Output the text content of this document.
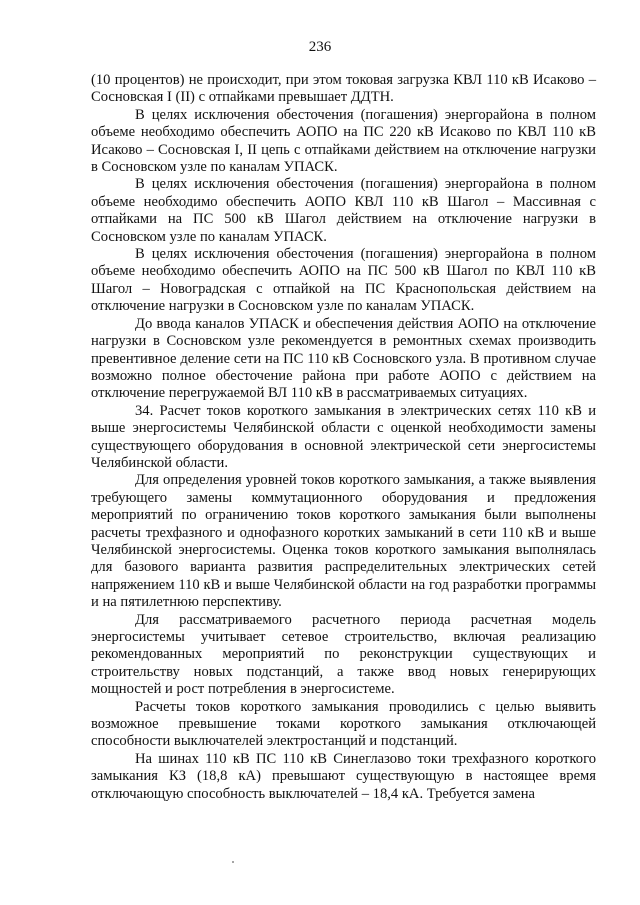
236

(10 процентов) не происходит, при этом токовая загрузка КВЛ 110 кВ Исаково – Сосновская I (II) с отпайками превышает ДДТН.

В целях исключения обесточения (погашения) энергорайона в полном объеме необходимо обеспечить АОПО на ПС 220 кВ Исаково по КВЛ 110 кВ Исаково – Сосновская I, II цепь с отпайками действием на отключение нагрузки в Сосновском узле по каналам УПАСК.

В целях исключения обесточения (погашения) энергорайона в полном объеме необходимо обеспечить АОПО КВЛ 110 кВ Шагол – Массивная с отпайками на ПС 500 кВ Шагол действием на отключение нагрузки в Сосновском узле по каналам УПАСК.

В целях исключения обесточения (погашения) энергорайона в полном объеме необходимо обеспечить АОПО на ПС 500 кВ Шагол по КВЛ 110 кВ Шагол – Новоградская с отпайкой на ПС Краснопольская действием на отключение нагрузки в Сосновском узле по каналам УПАСК.

До ввода каналов УПАСК и обеспечения действия АОПО на отключение нагрузки в Сосновском узле рекомендуется в ремонтных схемах производить превентивное деление сети на ПС 110 кВ Сосновского узла. В противном случае возможно полное обесточение района при работе АОПО с действием на отключение перегружаемой ВЛ 110 кВ в рассматриваемых ситуациях.

34. Расчет токов короткого замыкания в электрических сетях 110 кВ и выше энергосистемы Челябинской области с оценкой необходимости замены существующего оборудования в основной электрической сети энергосистемы Челябинской области.

Для определения уровней токов короткого замыкания, а также выявления требующего замены коммутационного оборудования и предложения мероприятий по ограничению токов короткого замыкания были выполнены расчеты трехфазного и однофазного коротких замыканий в сети 110 кВ и выше Челябинской энергосистемы. Оценка токов короткого замыкания выполнялась для базового варианта развития распределительных электрических сетей напряжением 110 кВ и выше Челябинской области на год разработки программы и на пятилетнюю перспективу.

Для рассматриваемого расчетного периода расчетная модель энергосистемы учитывает сетевое строительство, включая реализацию рекомендованных мероприятий по реконструкции существующих и строительству новых подстанций, а также ввод новых генерирующих мощностей и рост потребления в энергосистеме.

Расчеты токов короткого замыкания проводились с целью выявить возможное превышение токами короткого замыкания отключающей способности выключателей электростанций и подстанций.

На шинах 110 кВ ПС 110 кВ Синеглазово токи трехфазного короткого замыкания КЗ (18,8 кА) превышают существующую в настоящее время отключающую способность выключателей – 18,4 кА. Требуется замена
